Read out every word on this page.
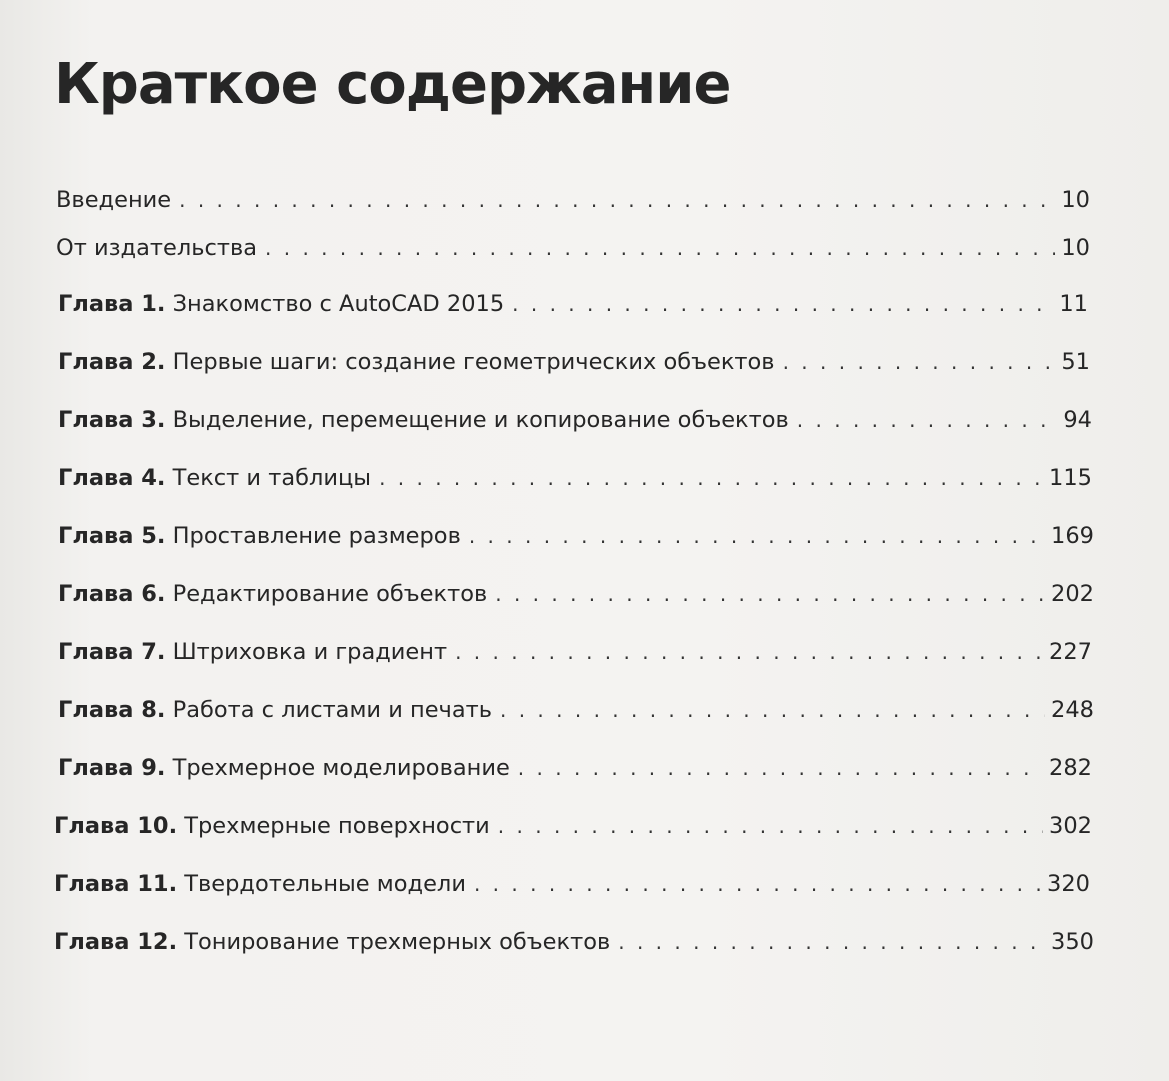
Краткое содержание
Введение . . .	10
От издательства . . .	10
Глава 1. Знакомство с AutoCAD 2015 . . .	11
Глава 2. Первые шаги: создание геометрических объектов . . .	51
Глава 3. Выделение, перемещение и копирование объектов . . .	94
Глава 4. Текст и таблицы . . .	115
Глава 5. Проставление размеров . . .	169
Глава 6. Редактирование объектов . . .	202
Глава 7. Штриховка и градиент . . .	227
Глава 8. Работа с листами и печать . . .	248
Глава 9. Трехмерное моделирование . . .	282
Глава 10. Трехмерные поверхности . . .	302
Глава 11. Твердотельные модели . . .	320
Глава 12. Тонирование трехмерных объектов . . .	350
